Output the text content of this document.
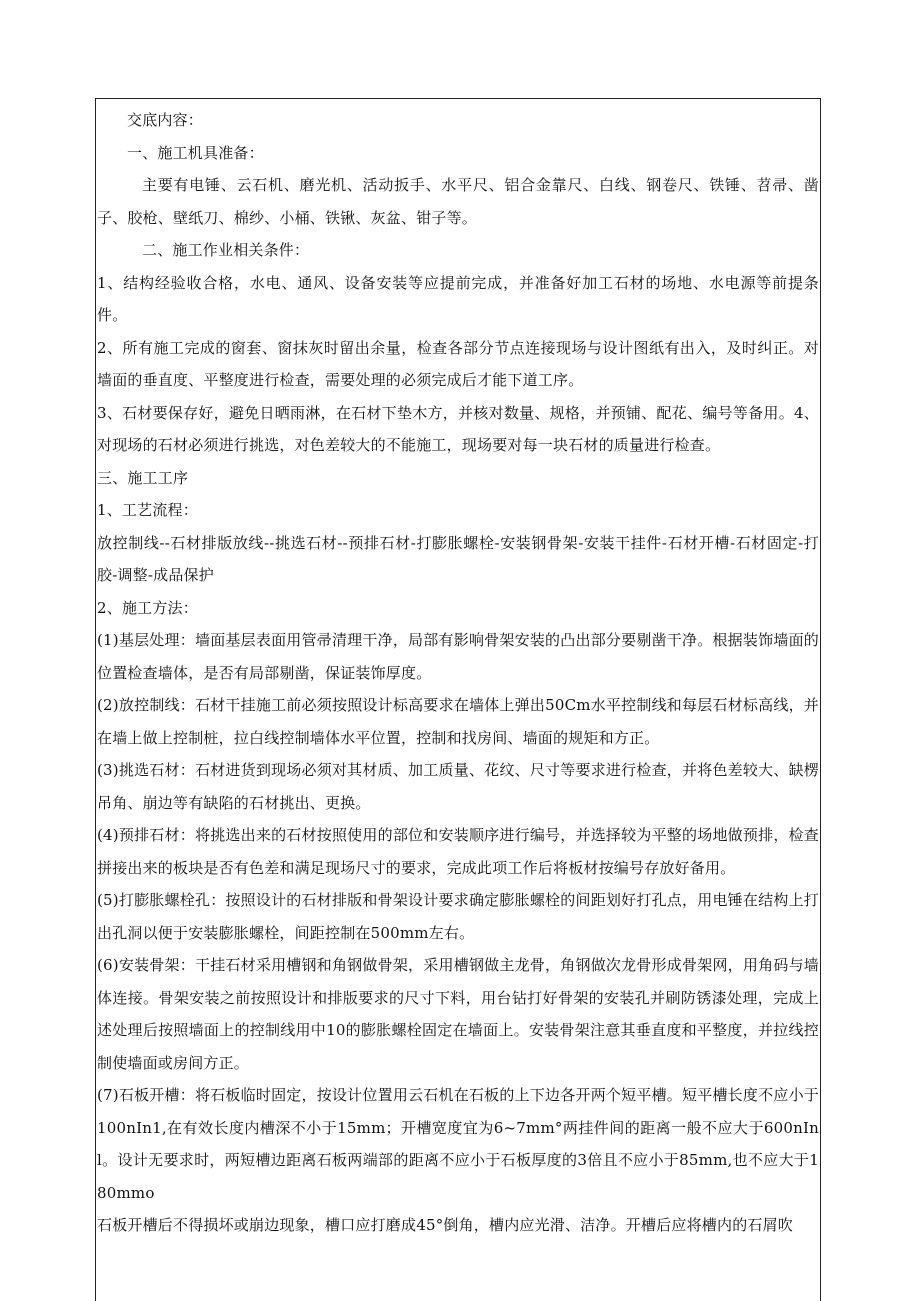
交底内容：

一、施工机具准备：

主要有电锤、云石机、磨光机、活动扳手、水平尺、铝合金靠尺、白线、钢卷尺、铁锤、苕帚、凿子、胶枪、壁纸刀、棉纱、小桶、铁锹、灰盆、钳子等。

二、施工作业相关条件：

1、结构经验收合格，水电、通风、设备安装等应提前完成，并准备好加工石材的场地、水电源等前提条件。

2、所有施工完成的窗套、窗抹灰时留出余量，检查各部分节点连接现场与设计图纸有出入，及时纠正。对墙面的垂直度、平整度进行检查，需要处理的必须完成后才能下道工序。

3、石材要保存好，避免日晒雨淋，在石材下垫木方，并核对数量、规格，并预铺、配花、编号等备用。4、对现场的石材必须进行挑选，对色差较大的不能施工，现场要对每一块石材的质量进行检查。

三、施工工序

1、工艺流程：

放控制线--石材排版放线--挑选石材--预排石材-打膨胀螺栓-安装钢骨架-安装干挂件-石材开槽-石材固定-打胶-调整-成品保护

2、施工方法：

(1)基层处理：墙面基层表面用管帚清理干净，局部有影响骨架安装的凸出部分要剔凿干净。根据装饰墙面的位置检查墙体，是否有局部剔凿，保证装饰厚度。

(2)放控制线：石材干挂施工前必须按照设计标高要求在墙体上弹出50Cm水平控制线和每层石材标高线，并在墙上做上控制桩，拉白线控制墙体水平位置，控制和找房间、墙面的规矩和方正。

(3)挑选石材：石材进货到现场必须对其材质、加工质量、花纹、尺寸等要求进行检查，并将色差较大、缺楞吊角、崩边等有缺陷的石材挑出、更换。

(4)预排石材：将挑选出来的石材按照使用的部位和安装顺序进行编号，并选择较为平整的场地做预排，检查拼接出来的板块是否有色差和满足现场尺寸的要求，完成此项工作后将板材按编号存放好备用。

(5)打膨胀螺栓孔：按照设计的石材排版和骨架设计要求确定膨胀螺栓的间距划好打孔点，用电锤在结构上打出孔洞以便于安装膨胀螺栓，间距控制在500mm左右。

(6)安装骨架：干挂石材采用槽钢和角钢做骨架，采用槽钢做主龙骨，角钢做次龙骨形成骨架网，用角码与墙体连接。骨架安装之前按照设计和排版要求的尺寸下料，用台钻打好骨架的安装孔并刷防锈漆处理，完成上述处理后按照墙面上的控制线用中10的膨胀螺栓固定在墙面上。安装骨架注意其垂直度和平整度，并拉线控制使墙面或房间方正。

(7)石板开槽：将石板临时固定，按设计位置用云石机在石板的上下边各开两个短平槽。短平槽长度不应小于100nIn1,在有效长度内槽深不小于15mm；开槽宽度宜为6~7mm°两挂件间的距离一般不应大于600nInl。设计无要求时，两短槽边距离石板两端部的距离不应小于石板厚度的3倍且不应小于85mm,也不应大于180mmo

石板开槽后不得损坏或崩边现象，槽口应打磨成45°倒角，槽内应光滑、洁净。开槽后应将槽内的石屑吹
